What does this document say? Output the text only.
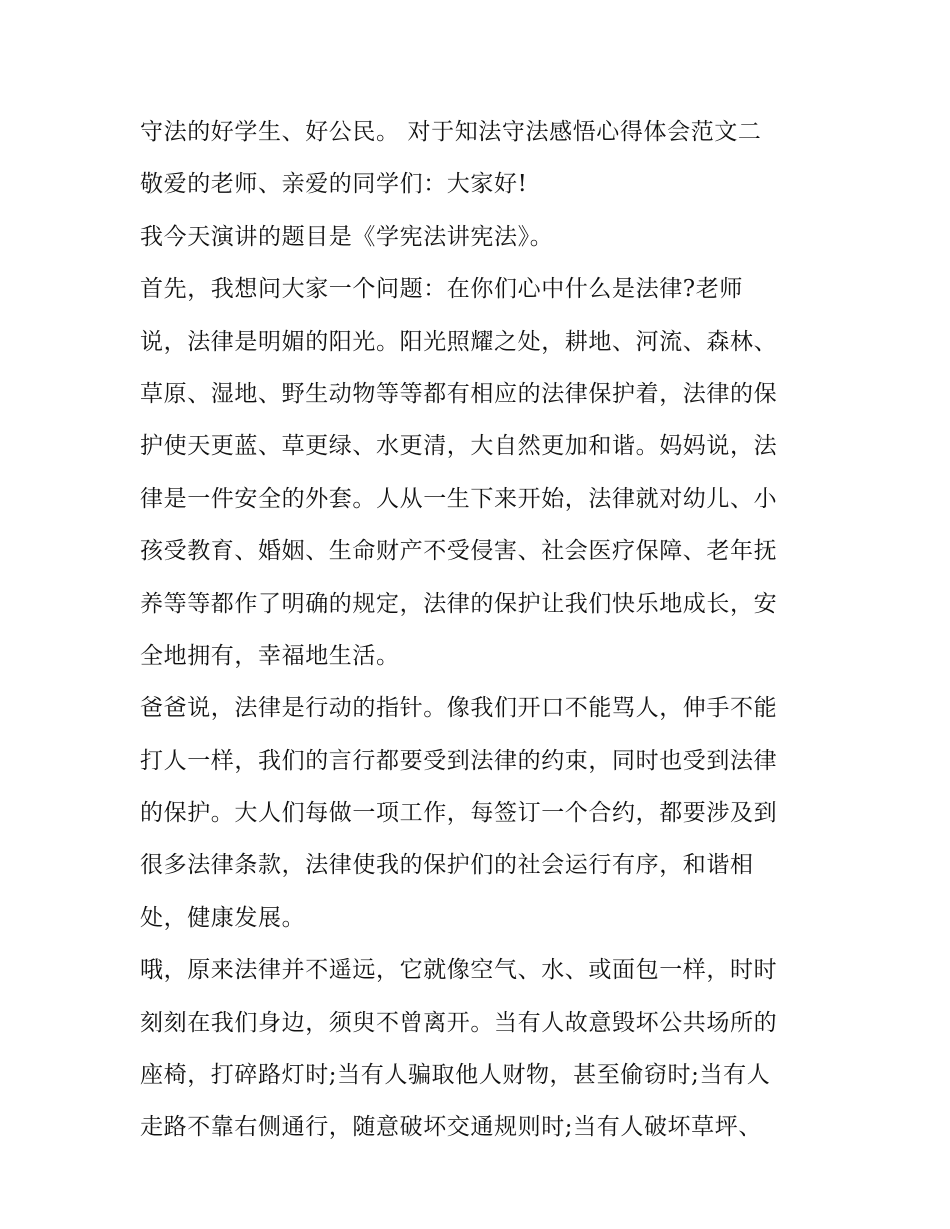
守法的好学生、好公民。 对于知法守法感悟心得体会范文二
敬爱的老师、亲爱的同学们：大家好!
我今天演讲的题目是《学宪法讲宪法》。
首先，我想问大家一个问题：在你们心中什么是法律?老师
说，法律是明媚的阳光。阳光照耀之处，耕地、河流、森林、
草原、湿地、野生动物等等都有相应的法律保护着，法律的保
护使天更蓝、草更绿、水更清，大自然更加和谐。妈妈说，法
律是一件安全的外套。人从一生下来开始，法律就对幼儿、小
孩受教育、婚姻、生命财产不受侵害、社会医疗保障、老年抚
养等等都作了明确的规定，法律的保护让我们快乐地成长，安
全地拥有，幸福地生活。
爸爸说，法律是行动的指针。像我们开口不能骂人，伸手不能
打人一样，我们的言行都要受到法律的约束，同时也受到法律
的保护。大人们每做一项工作，每签订一个合约，都要涉及到
很多法律条款，法律使我的保护们的社会运行有序，和谐相
处，健康发展。
哦，原来法律并不遥远，它就像空气、水、或面包一样，时时
刻刻在我们身边，须臾不曾离开。当有人故意毁坏公共场所的
座椅，打碎路灯时;当有人骗取他人财物，甚至偷窃时;当有人
走路不靠右侧通行，随意破坏交通规则时;当有人破坏草坪、
